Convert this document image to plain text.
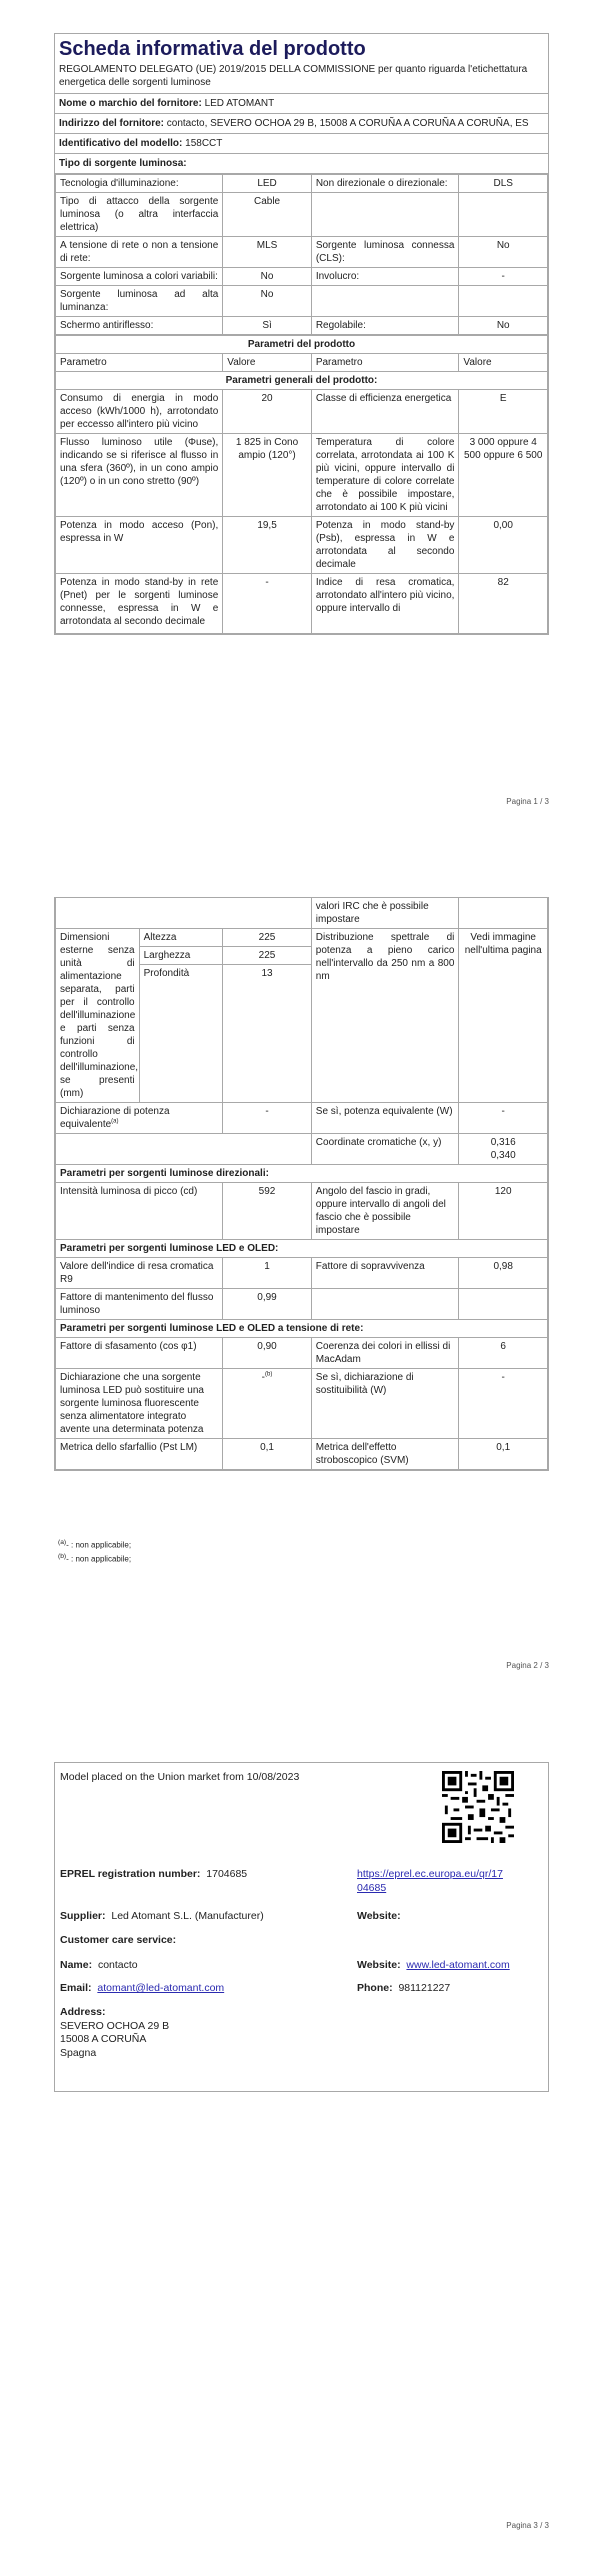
Scheda informativa del prodotto
REGOLAMENTO DELEGATO (UE) 2019/2015 DELLA COMMISSIONE per quanto riguarda l'etichettatura energetica delle sorgenti luminose
Nome o marchio del fornitore: LED ATOMANT
Indirizzo del fornitore: contacto, SEVERO OCHOA 29 B, 15008 A CORUÑA A CORUÑA A CORUÑA, ES
Identificativo del modello: 158CCT
Tipo di sorgente luminosa:
Tecnologia d'illuminazione:	LED	Non direzionale o direzionale:	DLS
Tipo di attacco della sorgente luminosa (o altra interfaccia elettrica)	Cable		
A tensione di rete o non a tensione di rete:	MLS	Sorgente luminosa connessa (CLS):	No
Sorgente luminosa a colori variabili:	No	Involucro:	-
Sorgente luminosa ad alta luminanza:	No		
Schermo antiriflesso:	Sì	Regolabile:	No
Parametri del prodotto			
Parametro	Valore	Parametro	Valore
Parametri generali del prodotto:			
Consumo di energia in modo acceso (kWh/1000 h), arrotondato per eccesso all'intero più vicino	20	Classe di efficienza energetica	E
Flusso luminoso utile (Φuse), indicando se si riferisce al flusso in una sfera (360º), in un cono ampio (120º) o in un cono stretto (90º)	1 825 in Cono ampio (120°)	Temperatura di colore correlata, arrotondata ai 100 K più vicini, oppure intervallo di temperature di colore correlate che è possibile impostare, arrotondato ai 100 K più vicini	3 000 oppure 4 500 oppure 6 500
Potenza in modo acceso (Pon), espressa in W	19,5	Potenza in modo stand-by (Psb), espressa in W e arrotondata al secondo decimale	0,00
Potenza in modo stand-by in rete (Pnet) per le sorgenti luminose connesse, espressa in W e arrotondata al secondo decimale	-	Indice di resa cromatica, arrotondato all'intero più vicino, oppure intervallo di	82
Pagina 1 / 3
			valori IRC che è possibile impostare	
Dimensioni esterne senza unità di alimentazione separata, parti per il controllo dell'illuminazione e parti senza funzioni di controllo dell'illuminazione, se presenti (mm)	Altezza	225	Distribuzione spettrale di potenza a pieno carico nell'intervallo da 250 nm a 800 nm	Vedi immagine nell'ultima pagina
	Larghezza	225		
	Profondità	13		
Dichiarazione di potenza equivalente$^{(a)}$		-	Se sì, potenza equivalente (W)	-
			Coordinate cromatiche (x, y)	0,316
0,340
Parametri per sorgenti luminose direzionali:				
Intensità luminosa di picco (cd)		592	Angolo del fascio in gradi, oppure intervallo di angoli del fascio che è possibile impostare	120
Parametri per sorgenti luminose LED e OLED:				
Valore dell'indice di resa cromatica R9		1	Fattore di sopravvivenza	0,98
Fattore di mantenimento del flusso luminoso		0,99		
Parametri per sorgenti luminose LED e OLED a tensione di rete:				
Fattore di sfasamento (cos φ1)		0,90	Coerenza dei colori in ellissi di MacAdam	6
Dichiarazione che una sorgente luminosa LED può sostituire una sorgente luminosa fluorescente senza alimentatore integrato avente una determinata potenza		-$^{(b)}$	Se sì, dichiarazione di sostituibilità (W)	-
Metrica dello sfarfallio (Pst LM)		0,1	Metrica dell'effetto stroboscopico (SVM)	0,1
$^{(a)}$- : non applicabile;
$^{(b)}$- : non applicabile;
Pagina 2 / 3
Model placed on the Union market from 10/08/2023
EPREL registration number: 1704685	https://eprel.ec.europa.eu/qr/17
04685
Supplier: Led Atomant S.L. (Manufacturer)	Website:
Customer care service:
Name: contacto	Website: www.led-atomant.com
Email: atomant@led-atomant.com	Phone: 981121227
Address:
SEVERO OCHOA 29 B
15008 A CORUÑA
Spagna
Pagina 3 / 3
